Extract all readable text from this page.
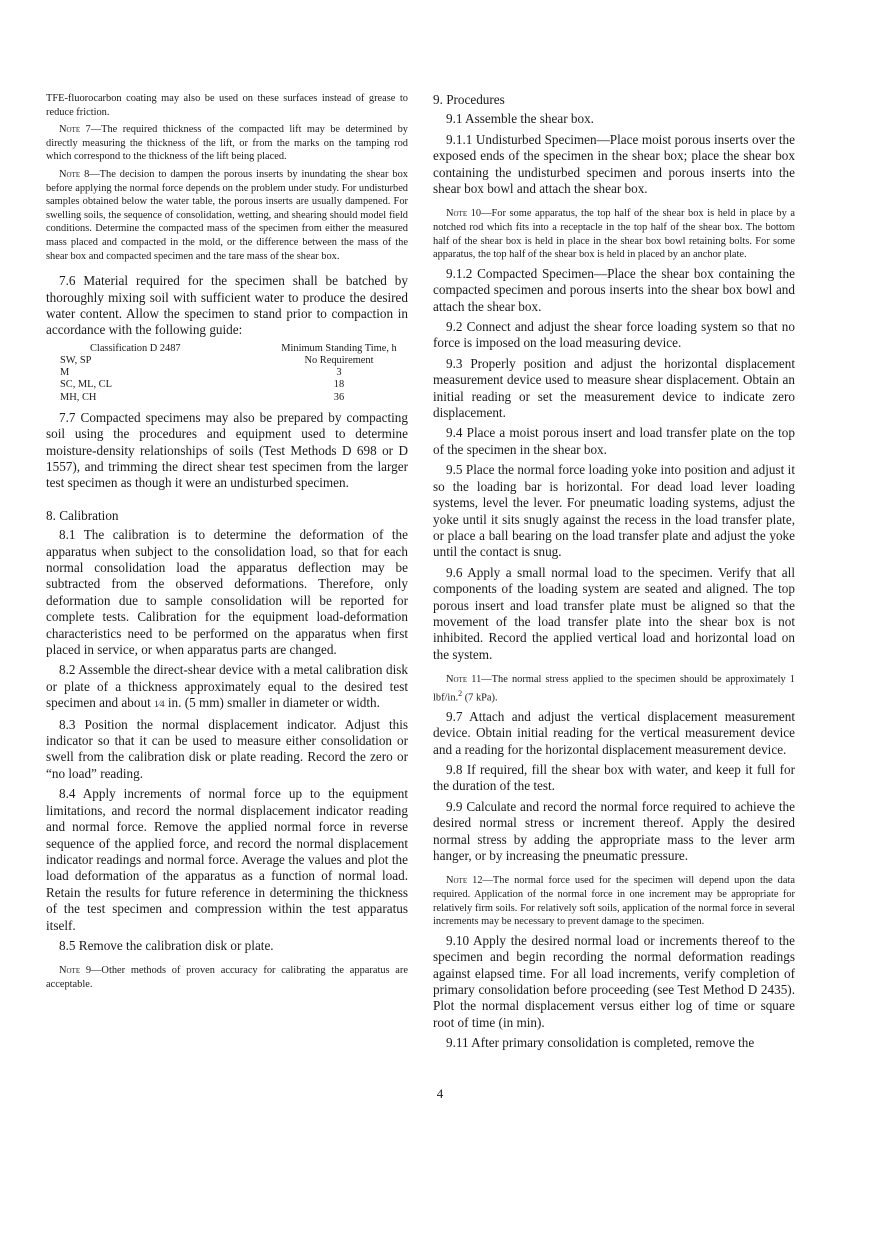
TFE-fluorocarbon coating may also be used on these surfaces instead of grease to reduce friction.

Note 7—The required thickness of the compacted lift may be determined by directly measuring the thickness of the lift, or from the marks on the tamping rod which correspond to the thickness of the lift being placed.

Note 8—The decision to dampen the porous inserts by inundating the shear box before applying the normal force depends on the problem under study. For undisturbed samples obtained below the water table, the porous inserts are usually dampened. For swelling soils, the sequence of consolidation, wetting, and shearing should model field conditions. Determine the compacted mass of the specimen from either the measured mass placed and compacted in the mold, or the difference between the mass of the shear box and compacted specimen and the tare mass of the shear box.

7.6 Material required for the specimen shall be batched by thoroughly mixing soil with sufficient water to produce the desired water content. Allow the specimen to stand prior to compaction in accordance with the following guide:

Classification D 2487	Minimum Standing Time, h
SW, SP	No Requirement
M	3
SC, ML, CL	18
MH, CH	36

7.7 Compacted specimens may also be prepared by compacting soil using the procedures and equipment used to determine moisture-density relationships of soils (Test Methods D 698 or D 1557), and trimming the direct shear test specimen from the larger test specimen as though it were an undisturbed specimen.

8. Calibration

8.1 The calibration is to determine the deformation of the apparatus when subject to the consolidation load, so that for each normal consolidation load the apparatus deflection may be subtracted from the observed deformations. Therefore, only deformation due to sample consolidation will be reported for complete tests. Calibration for the equipment load-deformation characteristics need to be performed on the apparatus when first placed in service, or when apparatus parts are changed.

8.2 Assemble the direct-shear device with a metal calibration disk or plate of a thickness approximately equal to the desired test specimen and about 1⁄4 in. (5 mm) smaller in diameter or width.

8.3 Position the normal displacement indicator. Adjust this indicator so that it can be used to measure either consolidation or swell from the calibration disk or plate reading. Record the zero or “no load” reading.

8.4 Apply increments of normal force up to the equipment limitations, and record the normal displacement indicator reading and normal force. Remove the applied normal force in reverse sequence of the applied force, and record the normal displacement indicator readings and normal force. Average the values and plot the load deformation of the apparatus as a function of normal load. Retain the results for future reference in determining the thickness of the test specimen and compression within the test apparatus itself.

8.5 Remove the calibration disk or plate.

Note 9—Other methods of proven accuracy for calibrating the apparatus are acceptable.

9. Procedures

9.1 Assemble the shear box.

9.1.1 Undisturbed Specimen—Place moist porous inserts over the exposed ends of the specimen in the shear box; place the shear box containing the undisturbed specimen and porous inserts into the shear box bowl and attach the shear box.

Note 10—For some apparatus, the top half of the shear box is held in place by a notched rod which fits into a receptacle in the top half of the shear box. The bottom half of the shear box is held in place in the shear box bowl retaining bolts. For some apparatus, the top half of the shear box is held in placed by an anchor plate.

9.1.2 Compacted Specimen—Place the shear box containing the compacted specimen and porous inserts into the shear box bowl and attach the shear box.

9.2 Connect and adjust the shear force loading system so that no force is imposed on the load measuring device.

9.3 Properly position and adjust the horizontal displacement measurement device used to measure shear displacement. Obtain an initial reading or set the measurement device to indicate zero displacement.

9.4 Place a moist porous insert and load transfer plate on the top of the specimen in the shear box.

9.5 Place the normal force loading yoke into position and adjust it so the loading bar is horizontal. For dead load lever loading systems, level the lever. For pneumatic loading systems, adjust the yoke until it sits snugly against the recess in the load transfer plate, or place a ball bearing on the load transfer plate and adjust the yoke until the contact is snug.

9.6 Apply a small normal load to the specimen. Verify that all components of the loading system are seated and aligned. The top porous insert and load transfer plate must be aligned so that the movement of the load transfer plate into the shear box is not inhibited. Record the applied vertical load and horizontal load on the system.

Note 11—The normal stress applied to the specimen should be approximately 1 lbf/in.$^2$ (7 kPa).

9.7 Attach and adjust the vertical displacement measurement device. Obtain initial reading for the vertical measurement device and a reading for the horizontal displacement measurement device.

9.8 If required, fill the shear box with water, and keep it full for the duration of the test.

9.9 Calculate and record the normal force required to achieve the desired normal stress or increment thereof. Apply the desired normal stress by adding the appropriate mass to the lever arm hanger, or by increasing the pneumatic pressure.

Note 12—The normal force used for the specimen will depend upon the data required. Application of the normal force in one increment may be appropriate for relatively firm soils. For relatively soft soils, application of the normal force in several increments may be necessary to prevent damage to the specimen.

9.10 Apply the desired normal load or increments thereof to the specimen and begin recording the normal deformation readings against elapsed time. For all load increments, verify completion of primary consolidation before proceeding (see Test Method D 2435). Plot the normal displacement versus either log of time or square root of time (in min).

9.11 After primary consolidation is completed, remove the

4
